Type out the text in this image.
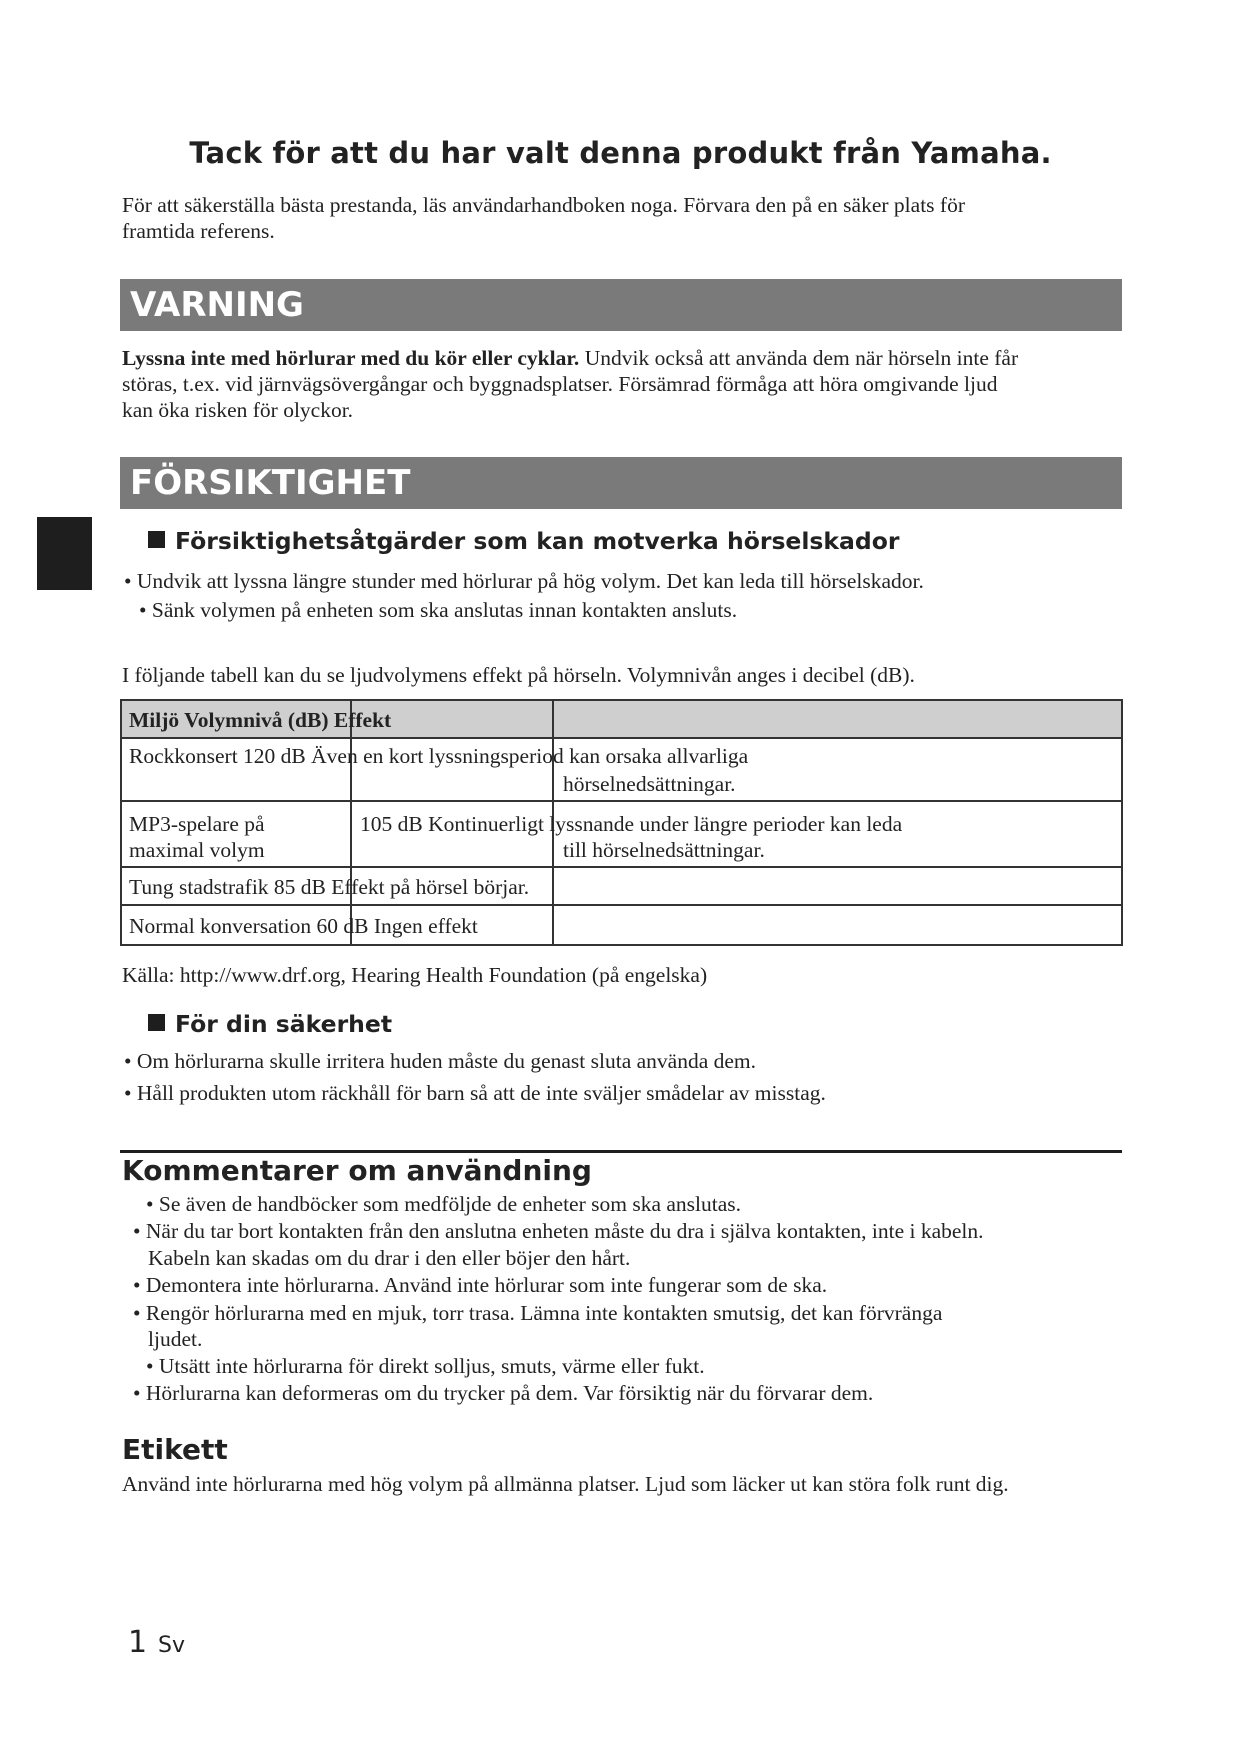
Tack för att du har valt denna produkt från Yamaha.
För att säkerställa bästa prestanda, läs användarhandboken noga. Förvara den på en säker plats för
framtida referens.
VARNING
Lyssna inte med hörlurar med du kör eller cyklar. Undvik också att använda dem när hörseln inte får
störas, t.ex. vid järnvägsövergångar och byggnadsplatser. Försämrad förmåga att höra omgivande ljud
kan öka risken för olyckor.
FÖRSIKTIGHET
Försiktighetsåtgärder som kan motverka hörselskador
• Undvik att lyssna längre stunder med hörlurar på hög volym. Det kan leda till hörselskador.
• Sänk volymen på enheten som ska anslutas innan kontakten ansluts.
I följande tabell kan du se ljudvolymens effekt på hörseln. Volymnivån anges i decibel (dB).
Miljö Volymnivå (dB) Effekt
Rockkonsert 120 dB Även en kort lyssningsperiod kan orsaka allvarliga
hörselnedsättningar.
MP3-spelare på
maximal volym
105 dB Kontinuerligt lyssnande under längre perioder kan leda
till hörselnedsättningar.
Tung stadstrafik 85 dB Effekt på hörsel börjar.
Normal konversation 60 dB Ingen effekt
Källa: http://www.drf.org, Hearing Health Foundation (på engelska)
För din säkerhet
• Om hörlurarna skulle irritera huden måste du genast sluta använda dem.
• Håll produkten utom räckhåll för barn så att de inte sväljer smådelar av misstag.
Kommentarer om användning
• Se även de handböcker som medföljde de enheter som ska anslutas.
• När du tar bort kontakten från den anslutna enheten måste du dra i själva kontakten, inte i kabeln.
Kabeln kan skadas om du drar i den eller böjer den hårt.
• Demontera inte hörlurarna. Använd inte hörlurar som inte fungerar som de ska.
• Rengör hörlurarna med en mjuk, torr trasa. Lämna inte kontakten smutsig, det kan förvränga
ljudet.
• Utsätt inte hörlurarna för direkt solljus, smuts, värme eller fukt.
• Hörlurarna kan deformeras om du trycker på dem. Var försiktig när du förvarar dem.
Etikett
Använd inte hörlurarna med hög volym på allmänna platser. Ljud som läcker ut kan störa folk runt dig.
1 Sv
